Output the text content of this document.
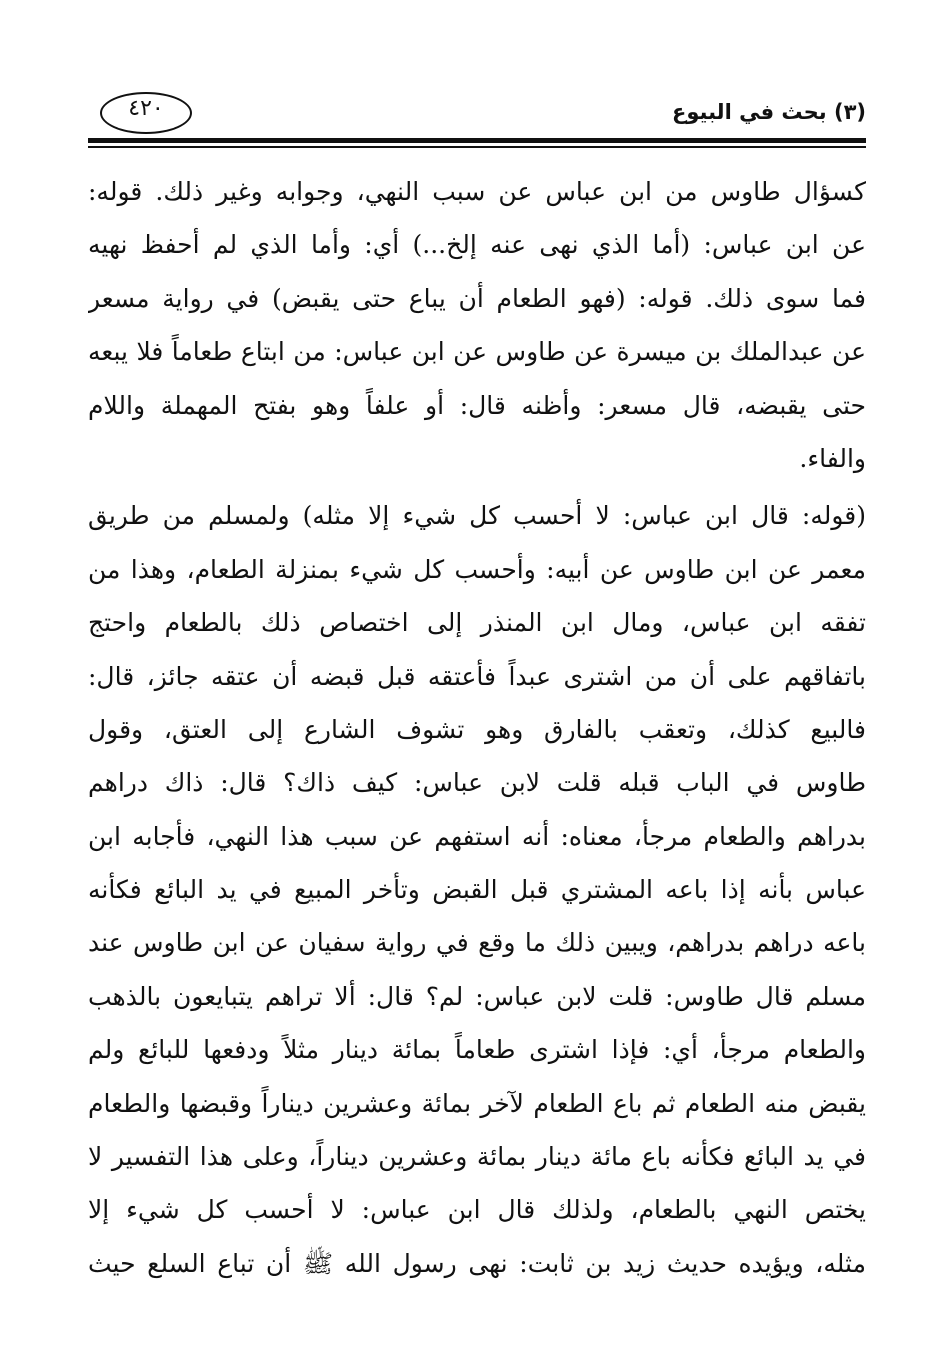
(٣) بحث في البيوع
٤٢٠
كسؤال طاوس من ابن عباس عن سبب النهي، وجوابه وغير ذلك. قوله:
عن ابن عباس: (أما الذي نهى عنه إلخ...) أي: وأما الذي لم أحفظ نهيه
فما سوى ذلك. قوله: (فهو الطعام أن يباع حتى يقبض) في رواية مسعر
عن عبدالملك بن ميسرة عن طاوس عن ابن عباس: من ابتاع طعاماً فلا يبعه
حتى يقبضه، قال مسعر: وأظنه قال: أو علفاً وهو بفتح المهملة واللام
والفاء.
(قوله: قال ابن عباس: لا أحسب كل شيء إلا مثله) ولمسلم من طريق
معمر عن ابن طاوس عن أبيه: وأحسب كل شيء بمنزلة الطعام، وهذا من
تفقه ابن عباس، ومال ابن المنذر إلى اختصاص ذلك بالطعام واحتج
باتفاقهم على أن من اشترى عبداً فأعتقه قبل قبضه أن عتقه جائز، قال:
فالبيع كذلك، وتعقب بالفارق وهو تشوف الشارع إلى العتق، وقول
طاوس في الباب قبله قلت لابن عباس: كيف ذاك؟ قال: ذاك دراهم
بدراهم والطعام مرجأ، معناه: أنه استفهم عن سبب هذا النهي، فأجابه ابن
عباس بأنه إذا باعه المشتري قبل القبض وتأخر المبيع في يد البائع فكأنه
باعه دراهم بدراهم، ويبين ذلك ما وقع في رواية سفيان عن ابن طاوس عند
مسلم قال طاوس: قلت لابن عباس: لم؟ قال: ألا تراهم يتبايعون بالذهب
والطعام مرجأ، أي: فإذا اشترى طعاماً بمائة دينار مثلاً ودفعها للبائع ولم
يقبض منه الطعام ثم باع الطعام لآخر بمائة وعشرين ديناراً وقبضها والطعام
في يد البائع فكأنه باع مائة دينار بمائة وعشرين ديناراً، وعلى هذا التفسير لا
يختص النهي بالطعام، ولذلك قال ابن عباس: لا أحسب كل شيء إلا
مثله، ويؤيده حديث زيد بن ثابت: نهى رسول الله ﷺ أن تباع السلع حيث
